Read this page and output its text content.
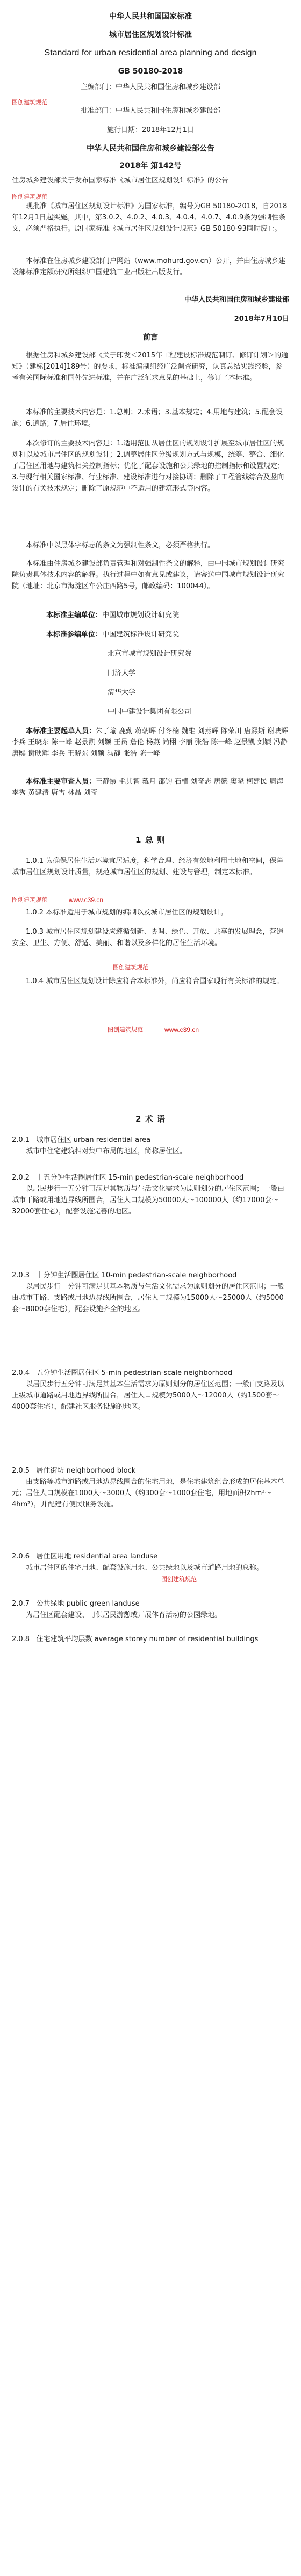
中华人民共和国国家标准
城市居住区规划设计标准
Standard for urban residential area planning and design
GB 50180-2018
主编部门：中华人民共和国住房和城乡建设部
图创建筑规范
批准部门：中华人民共和国住房和城乡建设部
施行日期：2018年12月1日
中华人民共和国住房和城乡建设部公告
2018年 第142号
住房城乡建设部关于发布国家标准《城市居住区规划设计标准》的公告
图创建筑规范
现批准《城市居住区规划设计标准》为国家标准，编号为GB 50180-2018，自2018年12月1日起实施。其中，第3.0.2、4.0.2、4.0.3、4.0.4、4.0.7、4.0.9条为强制性条文，必须严格执行。原国家标准《城市居住区规划设计规范》GB 50180-93同时废止。
本标准在住房城乡建设部门户网站（www.mohurd.gov.cn）公开，并由住房城乡建设部标准定额研究所组织中国建筑工业出版社出版发行。
中华人民共和国住房和城乡建设部
2018年7月10日
前言
根据住房和城乡建设部《关于印发＜2015年工程建设标准规范制订、修订计划＞的通知》（建标[2014]189号）的要求，标准编制组经广泛调查研究，认真总结实践经验，参考有关国际标准和国外先进标准，并在广泛征求意见的基础上，修订了本标准。
本标准的主要技术内容是：1.总则；2.术语；3.基本规定；4.用地与建筑；5.配套设施；6.道路；7.居住环境。
本次修订的主要技术内容是：1.适用范围从居住区的规划设计扩展至城市居住区的规划和以及城市居住区的规划设计；2.调整居住区分级规划方式与规模，统筹、整合、细化了居住区用地与建筑相关控制指标；优化了配套设施和公共绿地的控制指标和设置规定；3.与现行相关国家标准、行业标准、建设标准进行对接协调；删除了工程管线综合及竖向设计的有关技术规定；删除了原规范中不适用的建筑形式等内容。
本标准中以黑体字标志的条文为强制性条文，必须严格执行。
本标准由住房城乡建设部负责管理和对强制性条文的解释，由中国城市规划设计研究院负责具体技术内容的解释。执行过程中如有意见或建议，请寄送中国城市规划设计研究院（地址：北京市海淀区车公庄西路5号，邮政编码：100044）。
本标准主编单位：中国城市规划设计研究院
本标准参编单位：中国建筑标准设计研究院
北京市城市规划设计研究院
同济大学
清华大学
中国中建设计集团有限公司
本标准主要起草人员：朱子瑜 鹿勤 蒋朝晖 付冬楠 魏维 刘燕辉 陈荣川 唐熙斯 谢映辉 李兵 王晓东 陈一峰 赵景凯 刘颖 王员 詹伦 杨燕 尚栩 李丽 张浩 陈一峰 赵景凯 刘颖 冯静 唐熙 谢映辉 李兵 王晓东 刘颖 冯静 张浩 陈一峰
本标准主要审查人员：王静霞 毛其智 戴月 邵钧 石楠 刘奇志 唐懿 窦晓 柯建民 周海 李秀 黄建清 唐雪 林晶 刘奇
1 总 则
1.0.1 为确保居住生活环境宜居适度，科学合理、经济有效地利用土地和空间，保障城市居住区规划设计质量，规范城市居住区的规划、建设与管理，制定本标准。
图创建筑规范	www.c39.cn
1.0.2 本标准适用于城市规划的编制以及城市居住区的规划设计。
1.0.3 城市居住区规划建设应遵循创新、协调、绿色、开放、共享的发展理念，营造安全、卫生、方便、舒适、美丽、和谐以及多样化的居住生活环境。
图创建筑规范
1.0.4 城市居住区规划设计除应符合本标准外，尚应符合国家现行有关标准的规定。
图创建筑规范	www.c39.cn
2 术 语
2.0.1 城市居住区 urban residential area
城市中住宅建筑相对集中布局的地区，简称居住区。
2.0.2 十五分钟生活圈居住区 15-min pedestrian-scale neighborhood
以居民步行十五分钟可满足其物质与生活文化需求为原则划分的居住区范围；一般由城市干路或用地边界线所围合，居住人口规模为50000人～100000人（约17000套～32000套住宅），配套设施完善的地区。
2.0.3 十分钟生活圈居住区 10-min pedestrian-scale neighborhood
以居民步行十分钟可满足其基本物质与生活文化需求为原则划分的居住区范围；一般由城市干路、支路或用地边界线所围合，居住人口规模为15000人～25000人（约5000套～8000套住宅），配套设施齐全的地区。
2.0.4 五分钟生活圈居住区 5-min pedestrian-scale neighborhood
以居民步行五分钟可满足其基本生活需求为原则划分的居住区范围；一般由支路及以上级城市道路或用地边界线所围合，居住人口规模为5000人～12000人（约1500套～4000套住宅），配建社区服务设施的地区。
2.0.5 居住街坊 neighborhood block
由支路等城市道路或用地边界线围合的住宅用地，是住宅建筑组合形成的居住基本单元；居住人口规模在1000人～3000人（约300套～1000套住宅，用地面积2hm²～4hm²），并配建有便民服务设施。
2.0.6 居住区用地 residential area landuse
城市居住区的住宅用地、配套设施用地、公共绿地以及城市道路用地的总称。
图创建筑规范
2.0.7 公共绿地 public green landuse
为居住区配套建设、可供居民游憩或开展体育活动的公园绿地。
2.0.8 住宅建筑平均层数 average storey number of residential buildings
